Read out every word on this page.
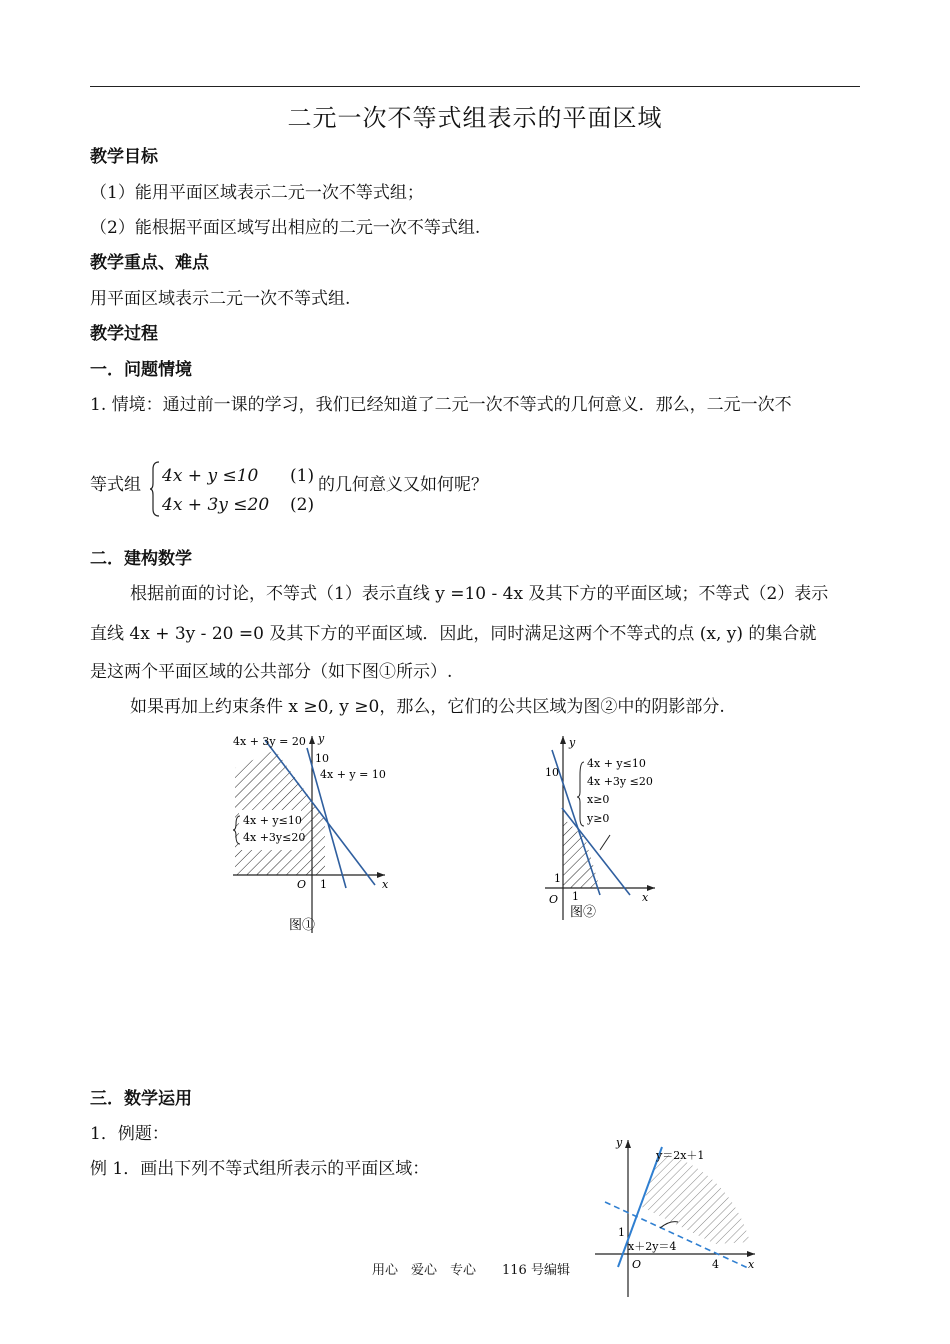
二元一次不等式组表示的平面区域
教学目标
（1）能用平面区域表示二元一次不等式组；
（2）能根据平面区域写出相应的二元一次不等式组.
教学重点、难点
用平面区域表示二元一次不等式组.
教学过程
一．问题情境
1. 情境：通过前一课的学习，我们已经知道了二元一次不等式的几何意义．那么，二元一次不
等式组 4x + y ≤10 (1)
4x + 3y ≤20 (2)
的几何意义又如何呢？
二．建构数学
根据前面的讨论，不等式（1）表示直线 y =10 - 4x 及其下方的平面区域；不等式（2）表示
直线 4x + 3y - 20 =0 及其下方的平面区域．因此，同时满足这两个不等式的点 (x, y) 的集合就
是这两个平面区域的公共部分（如下图①所示）.
如果再加上约束条件 x ≥0, y ≥0，那么，它们的公共区域为图②中的阴影部分.
4x + 3y = 20
4x + y = 10
10
1	x
y
O
4x + y≤10
4x +3y≤20
图①
4x + y≤10
4x +3y ≤20
x≥0
y≥0
10
1
1	x
y
O
图②
三．数学运用
1．例题：
例 1．画出下列不等式组所表示的平面区域：
y＝2x＋1
x＋2y＝4
1
4	x
y
O
用心　爱心　专心　　116 号编辑
